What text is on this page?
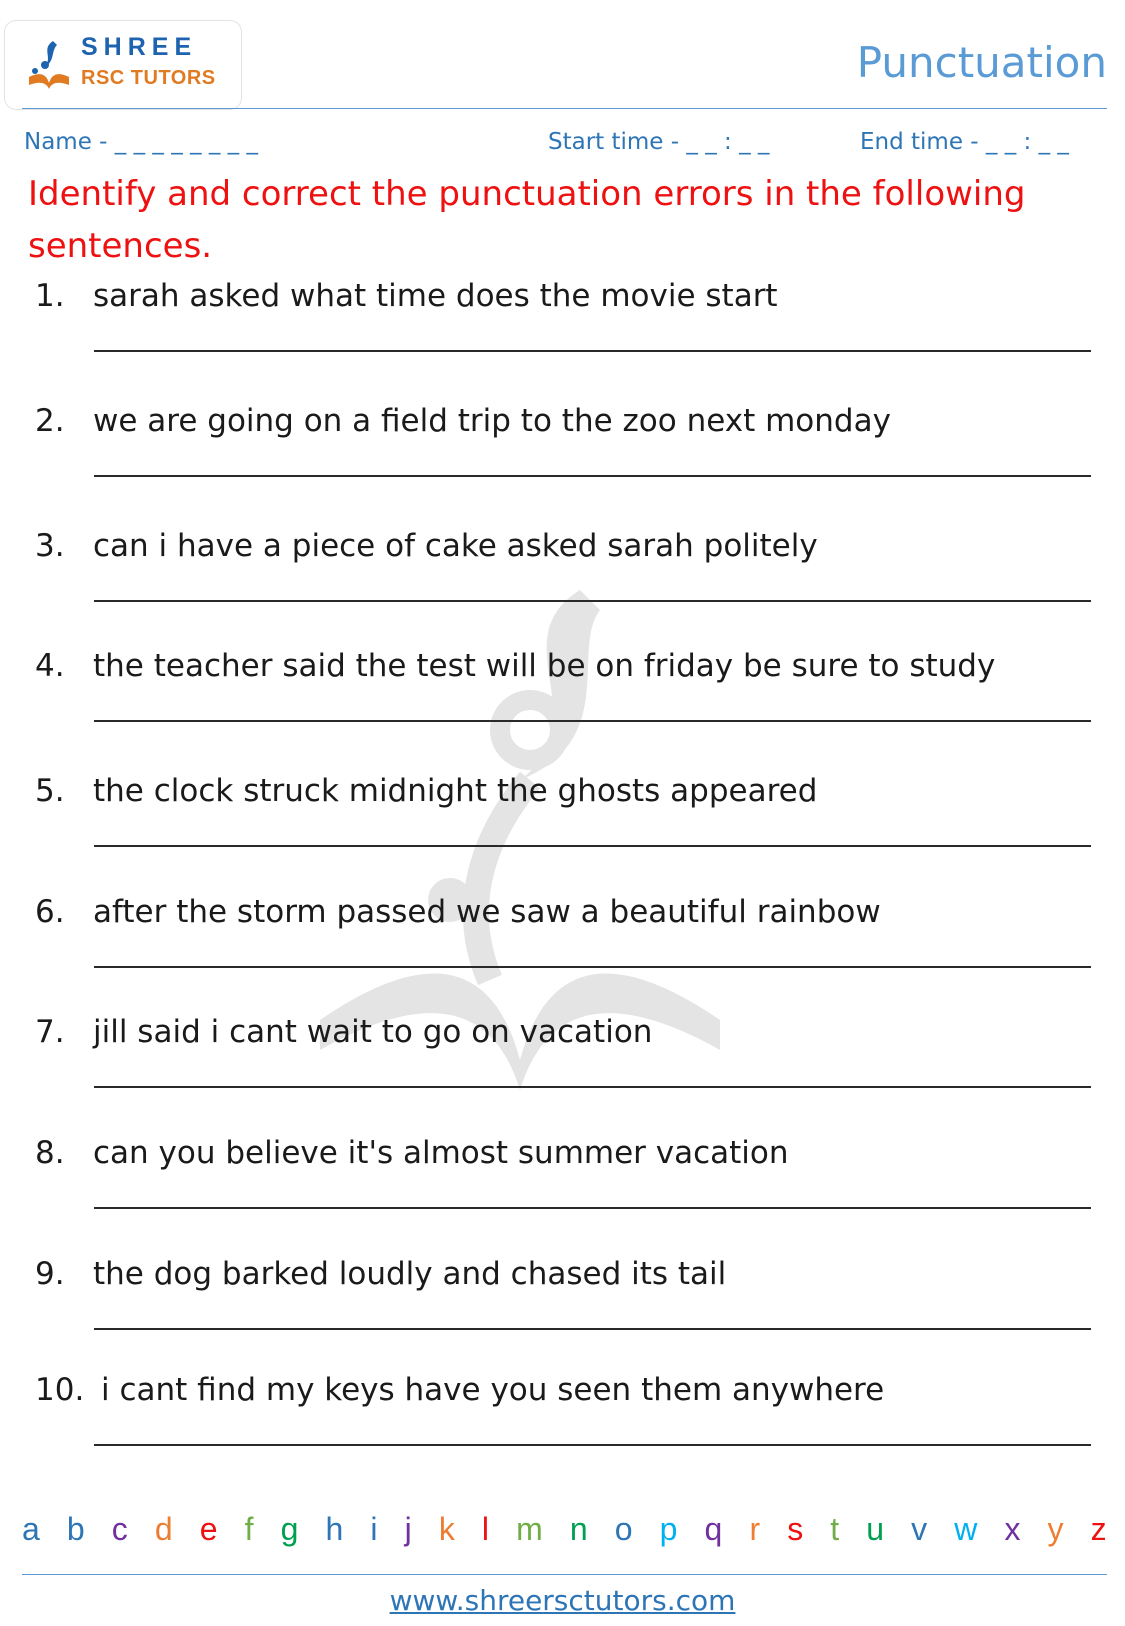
SHREE
RSC TUTORS	Punctuation
Name - _ _ _ _ _ _ _ _	Start time - _ _ : _ _	End time - _ _ : _ _
Identify and correct the punctuation errors in the following sentences.
1. sarah asked what time does the movie start
2. we are going on a field trip to the zoo next monday
3. can i have a piece of cake asked sarah politely
4. the teacher said the test will be on friday be sure to study
5. the clock struck midnight the ghosts appeared
6. after the storm passed we saw a beautiful rainbow
7. jill said i cant wait to go on vacation
8. can you believe it's almost summer vacation
9. the dog barked loudly and chased its tail
10. i cant find my keys have you seen them anywhere
a b c d e f g h i j k l m n o p q r s t u v w x y z
www.shreersctutors.com
